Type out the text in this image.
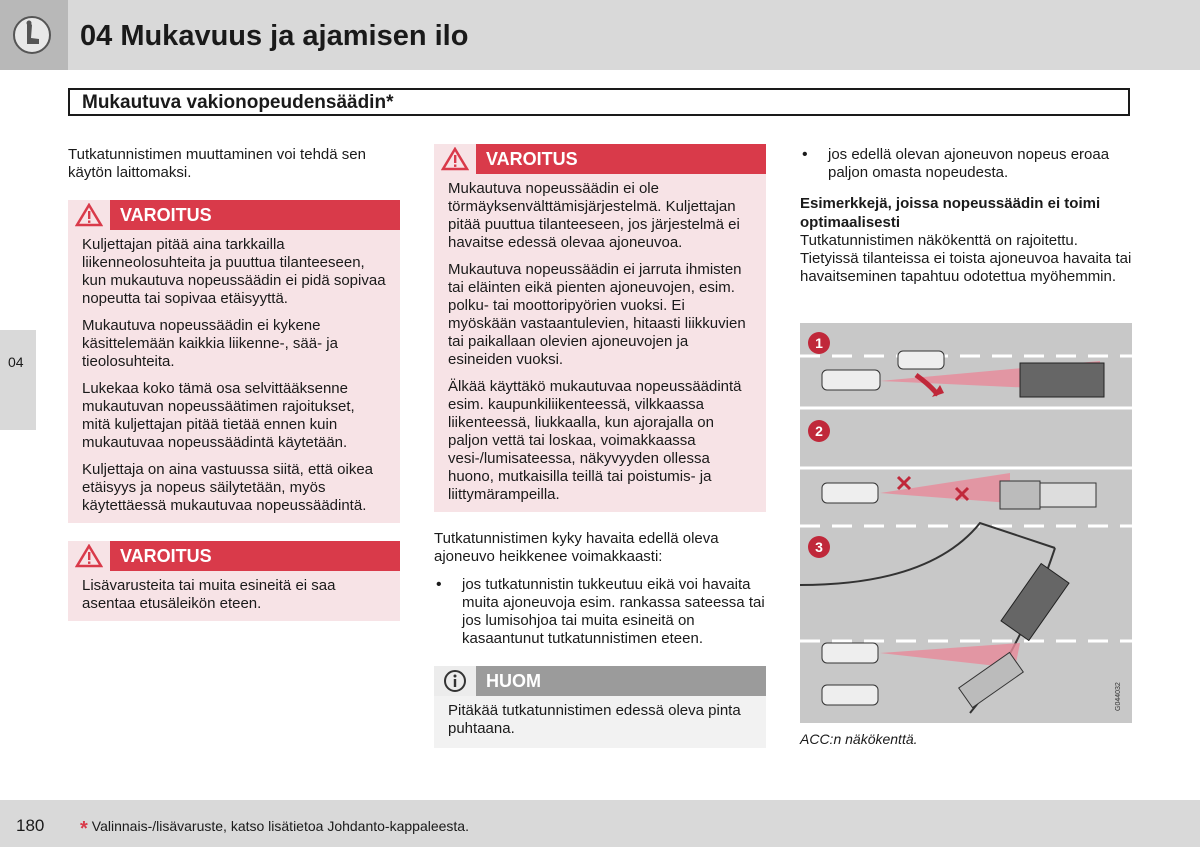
04 Mukavuus ja ajamisen ilo
Mukautuva vakionopeudensäädin*
04

Tutkatunnistimen muuttaminen voi tehdä sen käytön laittomaksi.

VAROITUS

Kuljettajan pitää aina tarkkailla liikenneolosuhteita ja puuttua tilanteeseen, kun mukautuva nopeussäädin ei pidä sopivaa nopeutta tai sopivaa etäisyyttä.

Mukautuva nopeussäädin ei kykene käsittelemään kaikkia liikenne-, sää- ja tieolosuhteita.

Lukekaa koko tämä osa selvittääksenne mukautuvan nopeussäätimen rajoitukset, mitä kuljettajan pitää tietää ennen kuin mukautuvaa nopeussäädintä käytetään.

Kuljettaja on aina vastuussa siitä, että oikea etäisyys ja nopeus säilytetään, myös käytettäessä mukautuvaa nopeussäädintä.

VAROITUS

Lisävarusteita tai muita esineitä ei saa asentaa etusäleikön eteen.

VAROITUS

Mukautuva nopeussäädin ei ole törmäyksenvälttämisjärjestelmä. Kuljettajan pitää puuttua tilanteeseen, jos järjestelmä ei havaitse edessä olevaa ajoneuvoa.

Mukautuva nopeussäädin ei jarruta ihmisten tai eläinten eikä pienten ajoneuvojen, esim. polku- tai moottoripyörien vuoksi. Ei myöskään vastaantulevien, hitaasti liikkuvien tai paikallaan olevien ajoneuvojen ja esineiden vuoksi.

Älkää käyttäkö mukautuvaa nopeussäädintä esim. kaupunkiliikenteessä, vilkkaassa liikenteessä, liukkaalla, kun ajorajalla on paljon vettä tai loskaa, voimakkaassa vesi-/lumisateessa, näkyvyyden ollessa huono, mutkaisilla teillä tai poistumis- ja liittymärampeilla.

Tutkatunnistimen kyky havaita edellä oleva ajoneuvo heikkenee voimakkaasti:

• jos tutkatunnistin tukkeutuu eikä voi havaita muita ajoneuvoja esim. rankassa sateessa tai jos lumisohjoa tai muita esineitä on kasaantunut tutkatunnistimen eteen.
HUOM
Pitäkää tutkatunnistimen edessä oleva pinta puhtaana.
• jos edellä olevan ajoneuvon nopeus eroaa paljon omasta nopeudesta.
Esimerkkejä, joissa nopeussäädin ei toimi optimaalisesti

Tutkatunnistimen näkökenttä on rajoitettu. Tietyissä tilanteissa ei toista ajoneuvoa havaita tai havaitseminen tapahtuu odotettua myöhemmin.

1
2
3
G044032
ACC:n näkökenttä.
180 * Valinnais-/lisävaruste, katso lisätietoa Johdanto-kappaleesta.
